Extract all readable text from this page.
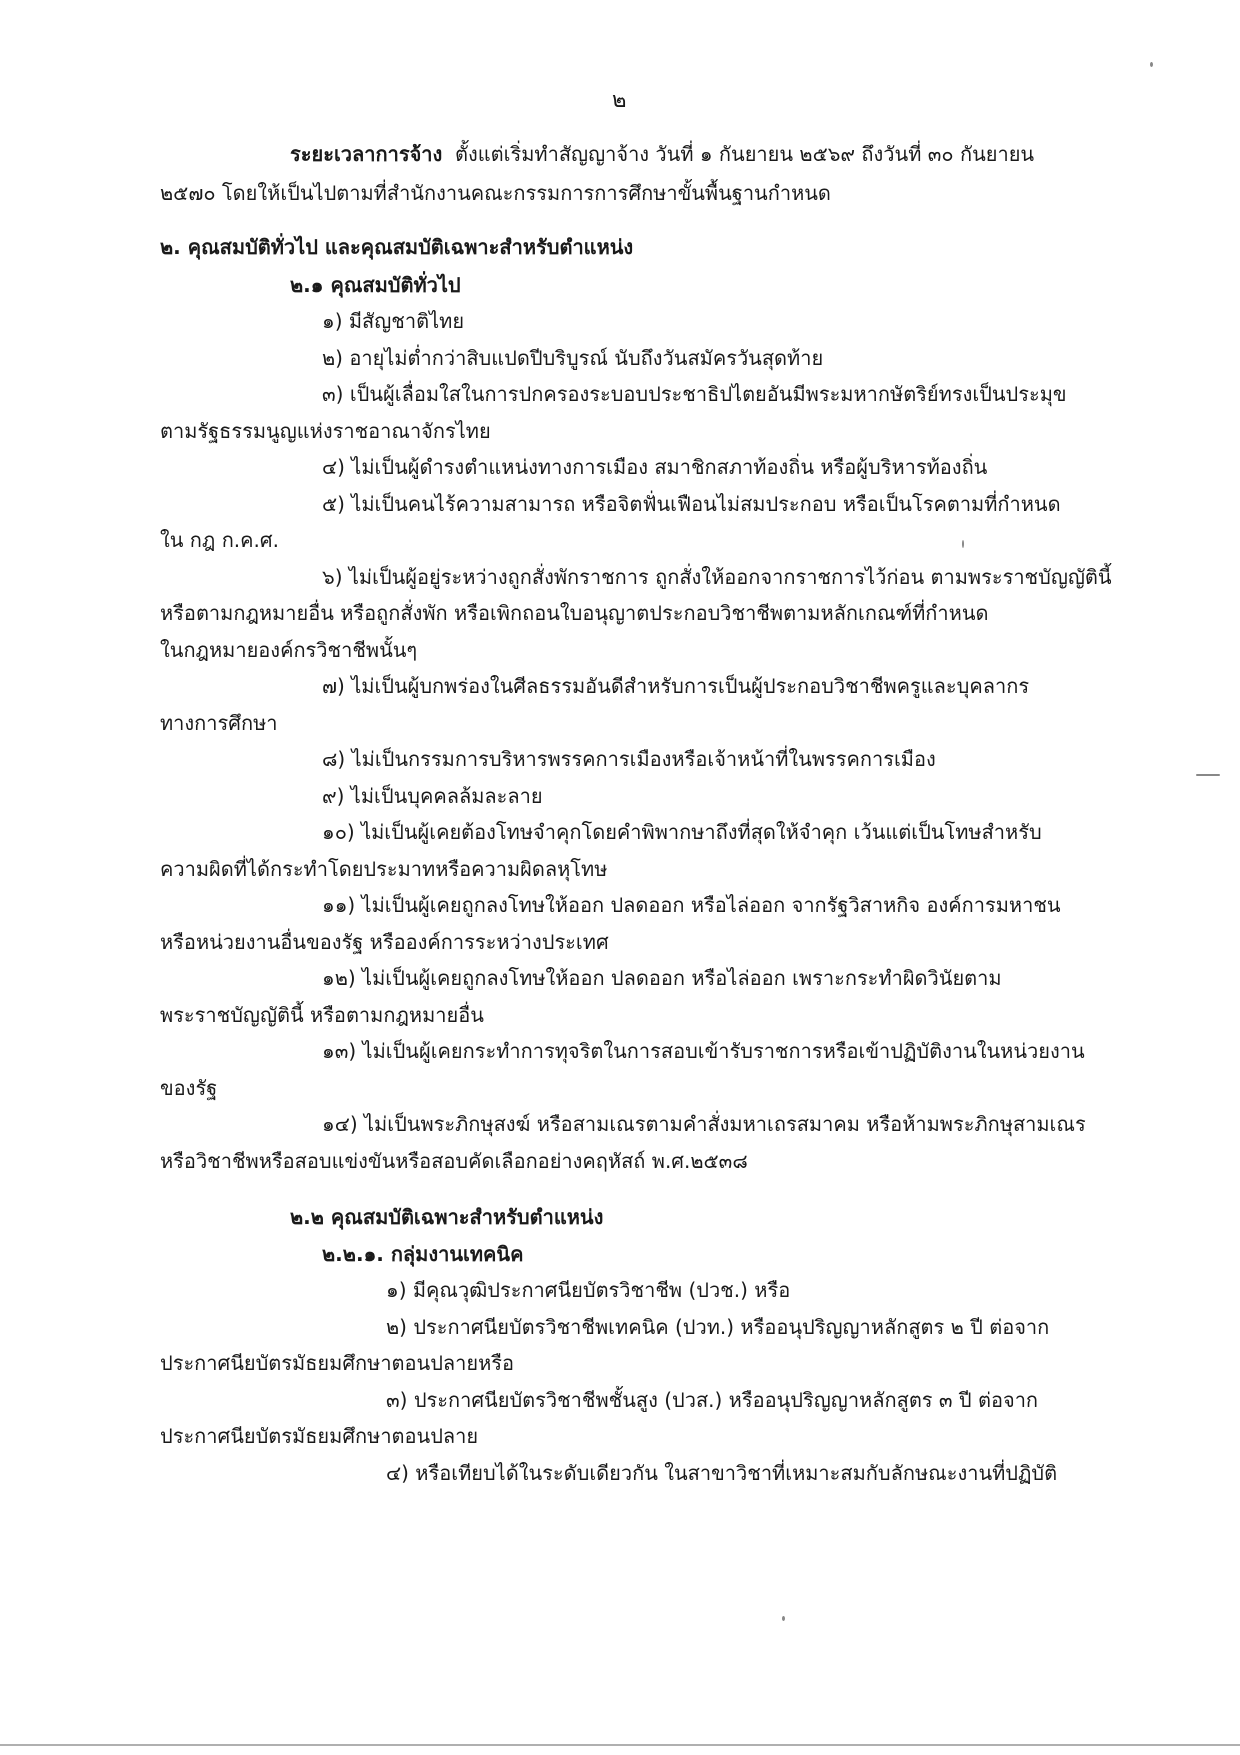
๒
ระยะเวลาการจ้าง ตั้งแต่เริ่มทำสัญญาจ้าง วันที่ ๑ กันยายน ๒๕๖๙ ถึงวันที่ ๓๐ กันยายน
๒๕๗๐ โดยให้เป็นไปตามที่สำนักงานคณะกรรมการการศึกษาขั้นพื้นฐานกำหนด
๒. คุณสมบัติทั่วไป และคุณสมบัติเฉพาะสำหรับตำแหน่ง
๒.๑ คุณสมบัติทั่วไป
๑) มีสัญชาติไทย
๒) อายุไม่ต่ำกว่าสิบแปดปีบริบูรณ์ นับถึงวันสมัครวันสุดท้าย
๓) เป็นผู้เลื่อมใสในการปกครองระบอบประชาธิปไตยอันมีพระมหากษัตริย์ทรงเป็นประมุข
ตามรัฐธรรมนูญแห่งราชอาณาจักรไทย
๔) ไม่เป็นผู้ดำรงตำแหน่งทางการเมือง สมาชิกสภาท้องถิ่น หรือผู้บริหารท้องถิ่น
๕) ไม่เป็นคนไร้ความสามารถ หรือจิตฟั่นเฟือนไม่สมประกอบ หรือเป็นโรคตามที่กำหนด
ใน กฎ ก.ค.ศ.
๖) ไม่เป็นผู้อยู่ระหว่างถูกสั่งพักราชการ ถูกสั่งให้ออกจากราชการไว้ก่อน ตามพระราชบัญญัตินี้
หรือตามกฎหมายอื่น หรือถูกสั่งพัก หรือเพิกถอนใบอนุญาตประกอบวิชาชีพตามหลักเกณฑ์ที่กำหนด
ในกฎหมายองค์กรวิชาชีพนั้นๆ
๗) ไม่เป็นผู้บกพร่องในศีลธรรมอันดีสำหรับการเป็นผู้ประกอบวิชาชีพครูและบุคลากร
ทางการศึกษา
๘) ไม่เป็นกรรมการบริหารพรรคการเมืองหรือเจ้าหน้าที่ในพรรคการเมือง
๙) ไม่เป็นบุคคลล้มละลาย
๑๐) ไม่เป็นผู้เคยต้องโทษจำคุกโดยคำพิพากษาถึงที่สุดให้จำคุก เว้นแต่เป็นโทษสำหรับ
ความผิดที่ได้กระทำโดยประมาทหรือความผิดลหุโทษ
๑๑) ไม่เป็นผู้เคยถูกลงโทษให้ออก ปลดออก หรือไล่ออก จากรัฐวิสาหกิจ องค์การมหาชน
หรือหน่วยงานอื่นของรัฐ หรือองค์การระหว่างประเทศ
๑๒) ไม่เป็นผู้เคยถูกลงโทษให้ออก ปลดออก หรือไล่ออก เพราะกระทำผิดวินัยตาม
พระราชบัญญัตินี้ หรือตามกฎหมายอื่น
๑๓) ไม่เป็นผู้เคยกระทำการทุจริตในการสอบเข้ารับราชการหรือเข้าปฏิบัติงานในหน่วยงาน
ของรัฐ
๑๔) ไม่เป็นพระภิกษุสงฆ์ หรือสามเณรตามคำสั่งมหาเถรสมาคม หรือห้ามพระภิกษุสามเณร
หรือวิชาชีพหรือสอบแข่งขันหรือสอบคัดเลือกอย่างคฤหัสถ์ พ.ศ.๒๕๓๘
๒.๒ คุณสมบัติเฉพาะสำหรับตำแหน่ง
๒.๒.๑. กลุ่มงานเทคนิค
๑) มีคุณวุฒิประกาศนียบัตรวิชาชีพ (ปวช.) หรือ
๒) ประกาศนียบัตรวิชาชีพเทคนิค (ปวท.) หรืออนุปริญญาหลักสูตร ๒ ปี ต่อจาก
ประกาศนียบัตรมัธยมศึกษาตอนปลายหรือ
๓) ประกาศนียบัตรวิชาชีพชั้นสูง (ปวส.) หรืออนุปริญญาหลักสูตร ๓ ปี ต่อจาก
ประกาศนียบัตรมัธยมศึกษาตอนปลาย
๔) หรือเทียบได้ในระดับเดียวกัน ในสาขาวิชาที่เหมาะสมกับลักษณะงานที่ปฏิบัติ
